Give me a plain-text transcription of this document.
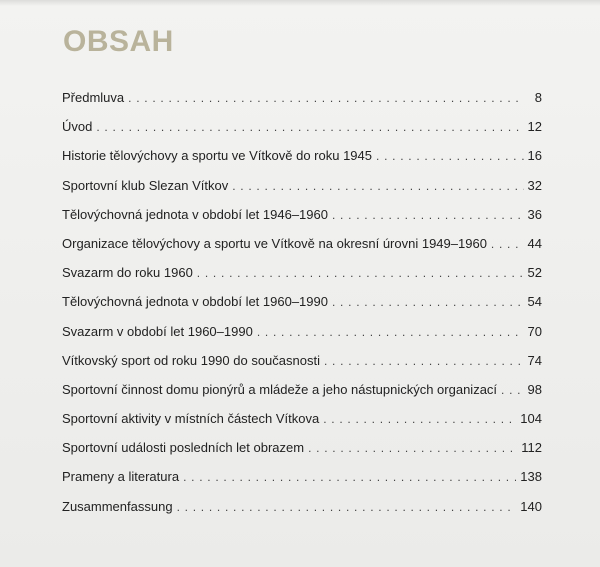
OBSAH
Předmluva . . .	8
Úvod . . .	12
Historie tělovýchovy a sportu ve Vítkově do roku 1945 . . .	16
Sportovní klub Slezan Vítkov . . .	32
Tělovýchovná jednota v období let 1946–1960 . . .	36
Organizace tělovýchovy a sportu ve Vítkově na okresní úrovni 1949–1960 . . .	44
Svazarm do roku 1960 . . .	52
Tělovýchovná jednota v období let 1960–1990 . . .	54
Svazarm v období let 1960–1990 . . .	70
Vítkovský sport od roku 1990 do současnosti . . .	74
Sportovní činnost domu pionýrů a mládeže a jeho nástupnických organizací . . .	98
Sportovní aktivity v místních částech Vítkova . . .	104
Sportovní události posledních let obrazem . . .	112
Prameny a literatura . . .	138
Zusammenfassung . . .	140
